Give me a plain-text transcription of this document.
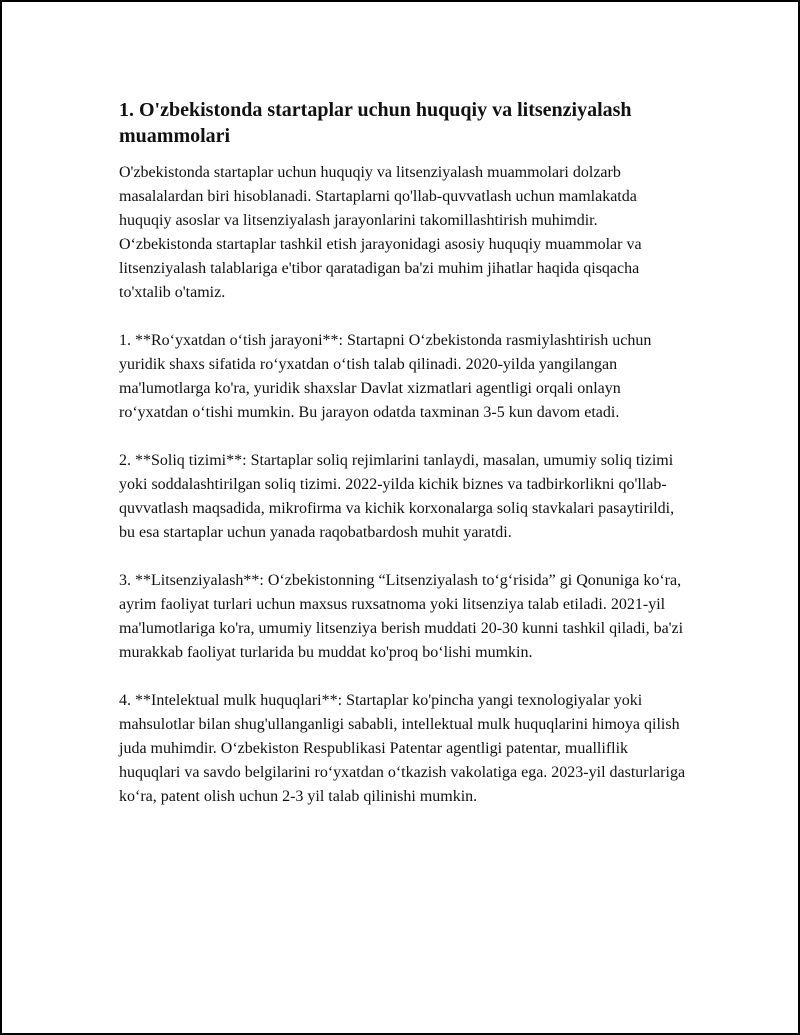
1. O'zbekistonda startaplar uchun huquqiy va litsenziyalash muammolari

O'zbekistonda startaplar uchun huquqiy va litsenziyalash muammolari dolzarb masalalardan biri hisoblanadi. Startaplarni qo'llab-quvvatlash uchun mamlakatda huquqiy asoslar va litsenziyalash jarayonlarini takomillashtirish muhimdir. O‘zbekistonda startaplar tashkil etish jarayonidagi asosiy huquqiy muammolar va litsenziyalash talablariga e'tibor qaratadigan ba'zi muhim jihatlar haqida qisqacha to'xtalib o'tamiz.

1. **Ro‘yxatdan o‘tish jarayoni**: Startapni O‘zbekistonda rasmiylashtirish uchun yuridik shaxs sifatida ro‘yxatdan o‘tish talab qilinadi. 2020-yilda yangilangan ma'lumotlarga ko'ra, yuridik shaxslar Davlat xizmatlari agentligi orqali onlayn ro‘yxatdan o‘tishi mumkin. Bu jarayon odatda taxminan 3-5 kun davom etadi.

2. **Soliq tizimi**: Startaplar soliq rejimlarini tanlaydi, masalan, umumiy soliq tizimi yoki soddalashtirilgan soliq tizimi. 2022-yilda kichik biznes va tadbirkorlikni qo'llab-quvvatlash maqsadida, mikrofirma va kichik korxonalarga soliq stavkalari pasaytirildi, bu esa startaplar uchun yanada raqobatbardosh muhit yaratdi.

3. **Litsenziyalash**: O‘zbekistonning “Litsenziyalash to‘g‘risida” gi Qonuniga ko‘ra, ayrim faoliyat turlari uchun maxsus ruxsatnoma yoki litsenziya talab etiladi. 2021-yil ma'lumotlariga ko'ra, umumiy litsenziya berish muddati 20-30 kunni tashkil qiladi, ba'zi murakkab faoliyat turlarida bu muddat ko'proq bo‘lishi mumkin.

4. **Intelektual mulk huquqlari**: Startaplar ko'pincha yangi texnologiyalar yoki mahsulotlar bilan shug'ullanganligi sababli, intellektual mulk huquqlarini himoya qilish juda muhimdir. O‘zbekiston Respublikasi Patentar agentligi patentar, mualliflik huquqlari va savdo belgilarini ro‘yxatdan o‘tkazish vakolatiga ega. 2023-yil dasturlariga ko‘ra, patent olish uchun 2-3 yil talab qilinishi mumkin.
